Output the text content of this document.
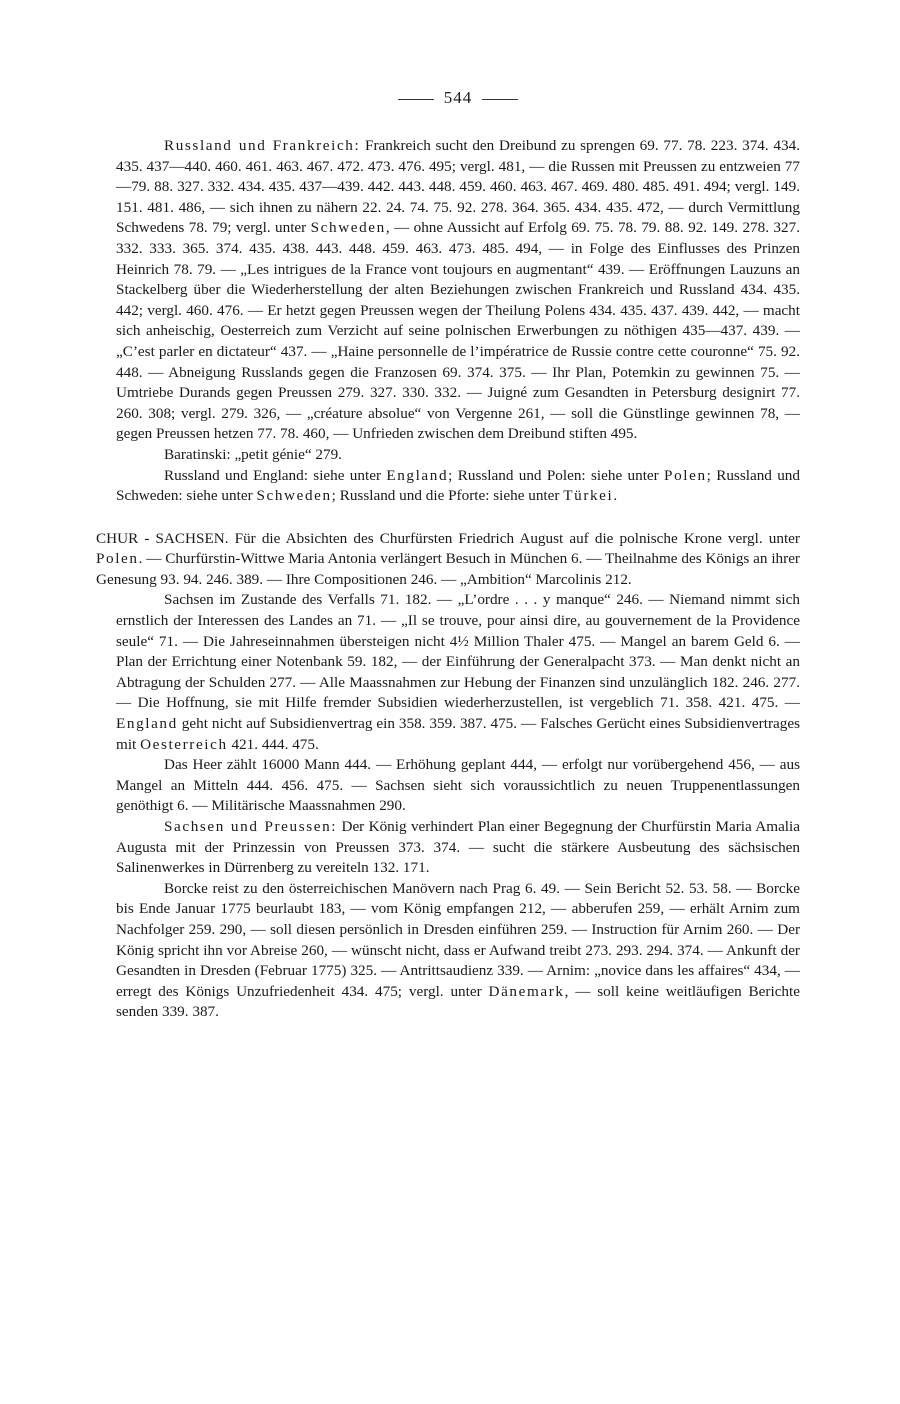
544

Russland und Frankreich: Frankreich sucht den Dreibund zu sprengen 69. 77. 78. 223. 374. 434. 435. 437—440. 460. 461. 463. 467. 472. 473. 476. 495; vergl. 481, — die Russen mit Preussen zu entzweien 77—79. 88. 327. 332. 434. 435. 437—439. 442. 443. 448. 459. 460. 463. 467. 469. 480. 485. 491. 494; vergl. 149. 151. 481. 486, — sich ihnen zu nähern 22. 24. 74. 75. 92. 278. 364. 365. 434. 435. 472, — durch Vermittlung Schwedens 78. 79; vergl. unter Schweden, — ohne Aussicht auf Erfolg 69. 75. 78. 79. 88. 92. 149. 278. 327. 332. 333. 365. 374. 435. 438. 443. 448. 459. 463. 473. 485. 494, — in Folge des Einflusses des Prinzen Heinrich 78. 79. — „Les intrigues de la France vont toujours en augmentant“ 439. — Eröffnungen Lauzuns an Stackelberg über die Wiederherstellung der alten Beziehungen zwischen Frankreich und Russland 434. 435. 442; vergl. 460. 476. — Er hetzt gegen Preussen wegen der Theilung Polens 434. 435. 437. 439. 442, — macht sich anheischig, Oesterreich zum Verzicht auf seine polnischen Erwerbungen zu nöthigen 435—437. 439. — „C’est parler en dictateur“ 437. — „Haine personnelle de l’impératrice de Russie contre cette couronne“ 75. 92. 448. — Abneigung Russlands gegen die Franzosen 69. 374. 375. — Ihr Plan, Potemkin zu gewinnen 75. — Umtriebe Durands gegen Preussen 279. 327. 330. 332. — Juigné zum Gesandten in Petersburg designirt 77. 260. 308; vergl. 279. 326, — „créature absolue“ von Vergenne 261, — soll die Günstlinge gewinnen 78, — gegen Preussen hetzen 77. 78. 460, — Unfrieden zwischen dem Dreibund stiften 495.

Baratinski: „petit génie“ 279.

Russland und England: siehe unter England; Russland und Polen: siehe unter Polen; Russland und Schweden: siehe unter Schweden; Russland und die Pforte: siehe unter Türkei.

CHUR - SACHSEN. Für die Absichten des Churfürsten Friedrich August auf die polnische Krone vergl. unter Polen. — Churfürstin-Wittwe Maria Antonia verlängert Besuch in München 6. — Theilnahme des Königs an ihrer Genesung 93. 94. 246. 389. — Ihre Compositionen 246. — „Ambition“ Marcolinis 212.

Sachsen im Zustande des Verfalls 71. 182. — „L’ordre . . . y manque“ 246. — Niemand nimmt sich ernstlich der Interessen des Landes an 71. — „Il se trouve, pour ainsi dire, au gouvernement de la Providence seule“ 71. — Die Jahreseinnahmen übersteigen nicht 4½ Million Thaler 475. — Mangel an barem Geld 6. — Plan der Errichtung einer Notenbank 59. 182, — der Einführung der Generalpacht 373. — Man denkt nicht an Abtragung der Schulden 277. — Alle Maassnahmen zur Hebung der Finanzen sind unzulänglich 182. 246. 277. — Die Hoffnung, sie mit Hilfe fremder Subsidien wiederherzustellen, ist vergeblich 71. 358. 421. 475. — England geht nicht auf Subsidienvertrag ein 358. 359. 387. 475. — Falsches Gerücht eines Subsidienvertrages mit Oesterreich 421. 444. 475.

Das Heer zählt 16000 Mann 444. — Erhöhung geplant 444, — erfolgt nur vorübergehend 456, — aus Mangel an Mitteln 444. 456. 475. — Sachsen sieht sich voraussichtlich zu neuen Truppenentlassungen genöthigt 6. — Militärische Maassnahmen 290.

Sachsen und Preussen: Der König verhindert Plan einer Begegnung der Churfürstin Maria Amalia Augusta mit der Prinzessin von Preussen 373. 374. — sucht die stärkere Ausbeutung des sächsischen Salinenwerkes in Dürrenberg zu vereiteln 132. 171.

Borcke reist zu den österreichischen Manövern nach Prag 6. 49. — Sein Bericht 52. 53. 58. — Borcke bis Ende Januar 1775 beurlaubt 183, — vom König empfangen 212, — abberufen 259, — erhält Arnim zum Nachfolger 259. 290, — soll diesen persönlich in Dresden einführen 259. — Instruction für Arnim 260. — Der König spricht ihn vor Abreise 260, — wünscht nicht, dass er Aufwand treibt 273. 293. 294. 374. — Ankunft der Gesandten in Dresden (Februar 1775) 325. — Antrittsaudienz 339. — Arnim: „novice dans les affaires“ 434, — erregt des Königs Unzufriedenheit 434. 475; vergl. unter Dänemark, — soll keine weitläufigen Berichte senden 339. 387.
